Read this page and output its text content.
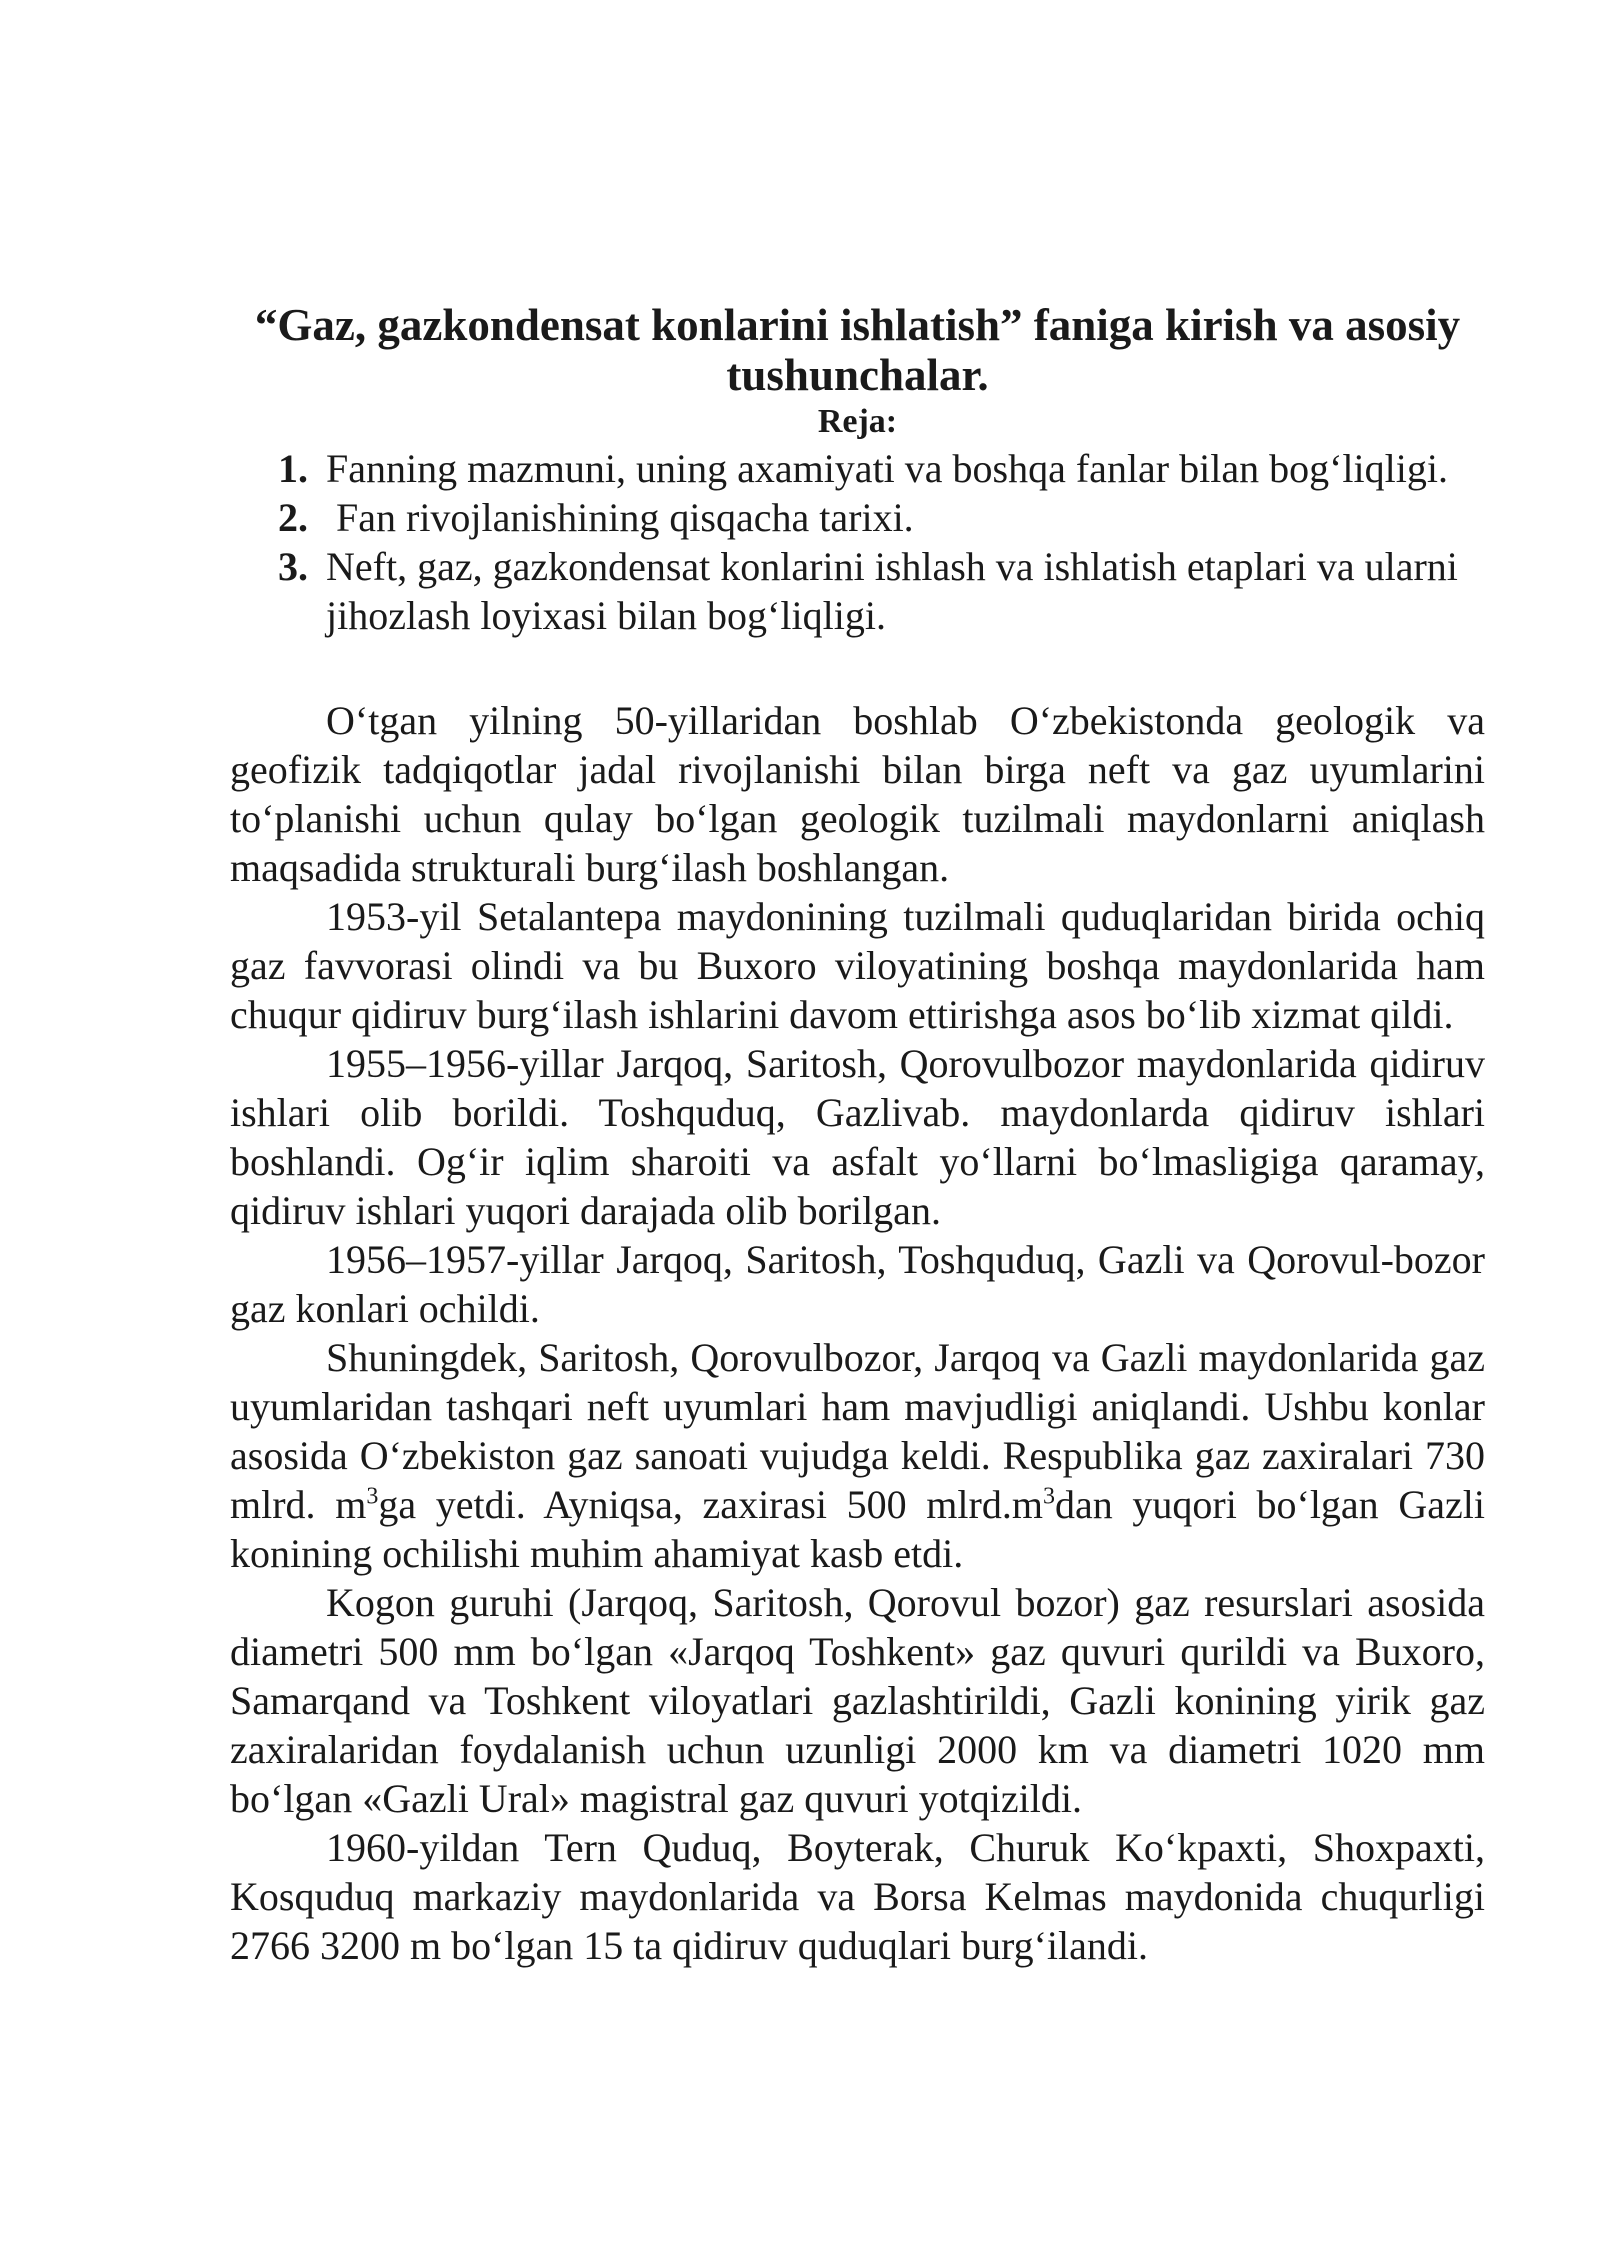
“Gaz, gazkondensat konlarini ishlatish” faniga kirish va asosiy tushunchalar.
Reja:
1. Fanning mazmuni, uning axamiyati va boshqa fanlar bilan bog‘liqligi.
2. Fan rivojlanishining qisqacha tarixi.
3. Neft, gaz, gazkondensat konlarini ishlash va ishlatish etaplari va ularni jihozlash loyixasi bilan bog‘liqligi.

O‘tgan yilning 50-yillaridan boshlab O‘zbekistonda geologik va geofizik tadqiqotlar jadal rivojlanishi bilan birga neft va gaz uyumlarini to‘planishi uchun qulay bo‘lgan geologik tuzilmali maydonlarni aniqlash maqsadida strukturali burg‘ilash boshlangan.

1953-yil Setalantepa maydonining tuzilmali quduqlaridan birida ochiq gaz favvorasi olindi va bu Buxoro viloyatining boshqa maydonlarida ham chuqur qidiruv burg‘ilash ishlarini davom ettirishga asos bo‘lib xizmat qildi.

1955–1956-yillar Jarqoq, Saritosh, Qorovulbozor maydonlarida qidiruv ishlari olib borildi. Toshquduq, Gazlivab. maydonlarda qidiruv ishlari boshlandi. Og‘ir iqlim sharoiti va asfalt yo‘llarni bo‘lmasligiga qaramay, qidiruv ishlari yuqori darajada olib borilgan.

1956–1957-yillar Jarqoq, Saritosh, Toshquduq, Gazli va Qorovul-bozor gaz konlari ochildi.

Shuningdek, Saritosh, Qorovulbozor, Jarqoq va Gazli maydonlarida gaz uyumlaridan tashqari neft uyumlari ham mavjudligi aniqlandi. Ushbu konlar asosida O‘zbekiston gaz sanoati vujudga keldi. Respublika gaz zaxiralari 730 mlrd. $m^3ga$ yetdi. Ayniqsa, zaxirasi 500 $mlrd.m^3dan$ yuqori bo‘lgan Gazli konining ochilishi muhim ahamiyat kasb etdi.

Kogon guruhi (Jarqoq, Saritosh, Qorovul bozor) gaz resurslari asosida diametri 500 mm bo‘lgan «Jarqoq Toshkent» gaz quvuri qurildi va Buxoro, Samarqand va Toshkent viloyatlari gazlashtirildi, Gazli konining yirik gaz zaxiralaridan foydalanish uchun uzunligi 2000 km va diametri 1020 mm bo‘lgan «Gazli Ural» magistral gaz quvuri yotqizildi.

1960-yildan Tern Quduq, Boyterak, Churuk Ko‘kpaxti, Shoxpaxti, Kosquduq markaziy maydonlarida va Borsa Kelmas maydonida chuqurligi 2766 3200 m bo‘lgan 15 ta qidiruv quduqlari burg‘ilandi.
